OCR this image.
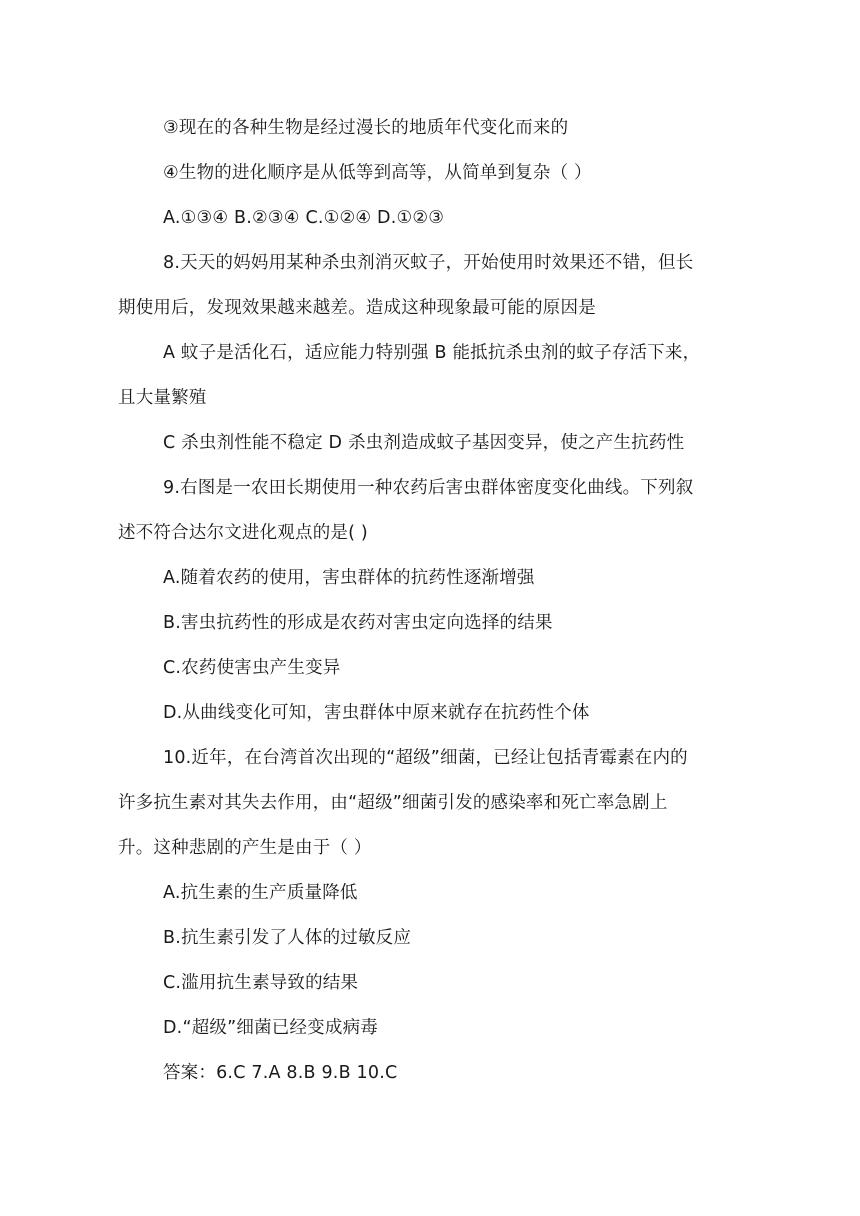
③现在的各种生物是经过漫长的地质年代变化而来的
④生物的进化顺序是从低等到高等，从简单到复杂（ ）
A.①③④ B.②③④ C.①②④ D.①②③
8.天天的妈妈用某种杀虫剂消灭蚊子，开始使用时效果还不错，但长
期使用后，发现效果越来越差。造成这种现象最可能的原因是
A 蚊子是活化石，适应能力特别强 B 能抵抗杀虫剂的蚊子存活下来，
且大量繁殖
C 杀虫剂性能不稳定 D 杀虫剂造成蚊子基因变异，使之产生抗药性
9.右图是一农田长期使用一种农药后害虫群体密度变化曲线。下列叙
述不符合达尔文进化观点的是( )
A.随着农药的使用，害虫群体的抗药性逐渐增强
B.害虫抗药性的形成是农药对害虫定向选择的结果
C.农药使害虫产生变异
D.从曲线变化可知，害虫群体中原来就存在抗药性个体
10.近年，在台湾首次出现的“超级”细菌，已经让包括青霉素在内的
许多抗生素对其失去作用，由“超级”细菌引发的感染率和死亡率急剧上
升。这种悲剧的产生是由于（ ）
A.抗生素的生产质量降低
B.抗生素引发了人体的过敏反应
C.滥用抗生素导致的结果
D.“超级”细菌已经变成病毒
答案：6.C 7.A 8.B 9.B 10.C
